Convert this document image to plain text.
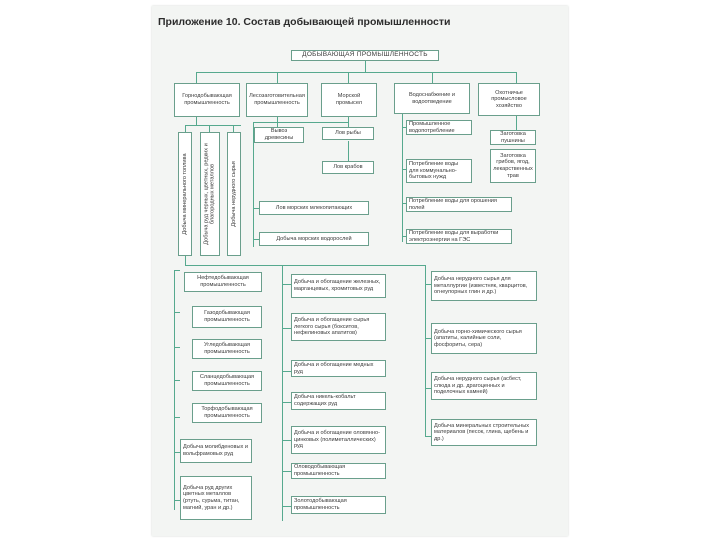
Приложение 10. Состав добывающей промышленности
ДОБЫВАЮЩАЯ ПРОМЫШЛЕННОСТЬ
Горнодобывающая промышленность
Лесозаготовительная промышленность
Морской промысел
Водоснабжение и водоотведение
Охотничье промысловое хозяйство
Добыча минерального топлива	Добыча руд черных, цветных, редких и благородных металлов	Добыча нерудного сырья
Вывоз древесины
Лов рыбы
Лов крабов
Лов морских млекопитающих
Добыча морских водорослей
Промышленное водопотребление
Потребление воды для коммунально-бытовых нужд
Потребление воды для орошения полей
Потребление воды для выработки электроэнергии на ГЭС
Заготовка пушнины
Заготовка грибов, ягод, лекарственных трав
Нефтедобывающая промышленность
Газодобывающая промышленность
Угледобывающая промышленность
Сланцедобывающая промышленность
Торфодобывающая промышленность
Добыча молибденовых и вольфрамовых руд
Добыча руд других цветных металлов (ртуть, сурьма, титан, магний, уран и др.)
Добыча и обогащение железных, марганцевых, хромитовых руд
Добыча и обогащение сырья легкого сырья (бокситов, нефелиновых апатитов)
Добыча и обогащение медных руд
Добыча никель-кобальт содержащих руд
Добыча и обогащение оловянно-цинковых (полиметаллических) руд
Оловодобывающая промышленность
Золотодобывающая промышленность
Добыча нерудного сырья для металлургии (известняк, кварцитов, огнеупорных глин и др.)
Добыча горно-химического сырья (апатиты, калийные соли, фосфориты, сера)
Добыча нерудного сырья (асбест, слюда и др. драгоценных и поделочных камней)
Добыча минеральных строительных материалов (песок, глина, щебень и др.)
